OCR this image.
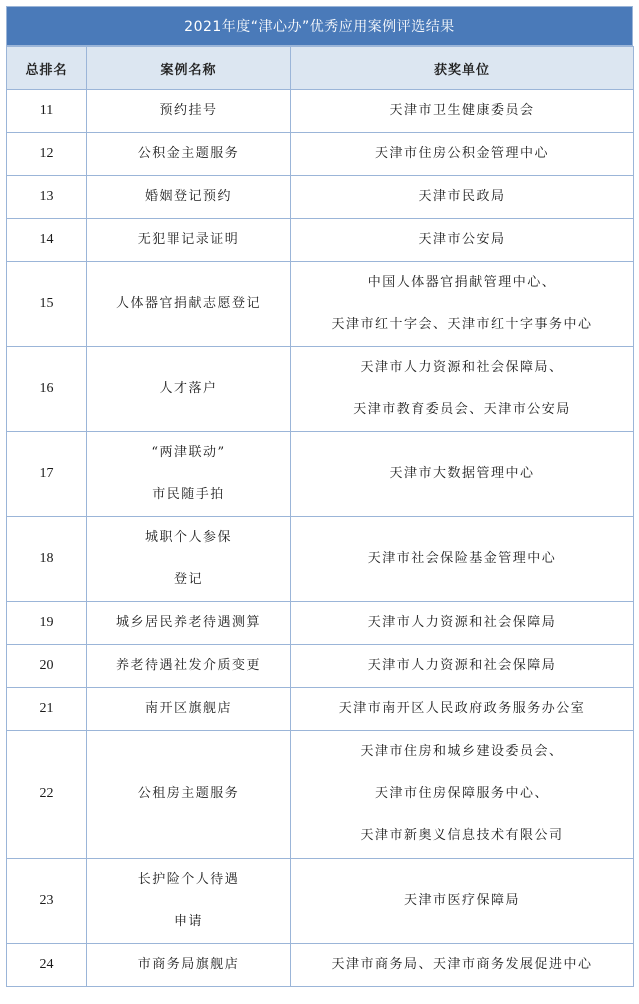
2021年度“津心办”优秀应用案例评选结果
总排名	案例名称	获奖单位
11	预约挂号	天津市卫生健康委员会

12	公积金主题服务	天津市住房公积金管理中心

13	婚姻登记预约	天津市民政局

14	无犯罪记录证明	天津市公安局

15	人体器官捐献志愿登记	中国人体器官捐献管理中心、
天津市红十字会、天津市红十字事务中心

16	人才落户	天津市人力资源和社会保障局、
天津市教育委员会、天津市公安局

17	“两津联动”
市民随手拍	天津市大数据管理中心

18	城职个人参保
登记	天津市社会保险基金管理中心

19	城乡居民养老待遇测算	天津市人力资源和社会保障局

20	养老待遇社发介质变更	天津市人力资源和社会保障局

21	南开区旗舰店	天津市南开区人民政府政务服务办公室

22	公租房主题服务	天津市住房和城乡建设委员会、
天津市住房保障服务中心、
天津市新奥义信息技术有限公司

23	长护险个人待遇
申请	天津市医疗保障局

24	市商务局旗舰店	天津市商务局、天津市商务发展促进中心
